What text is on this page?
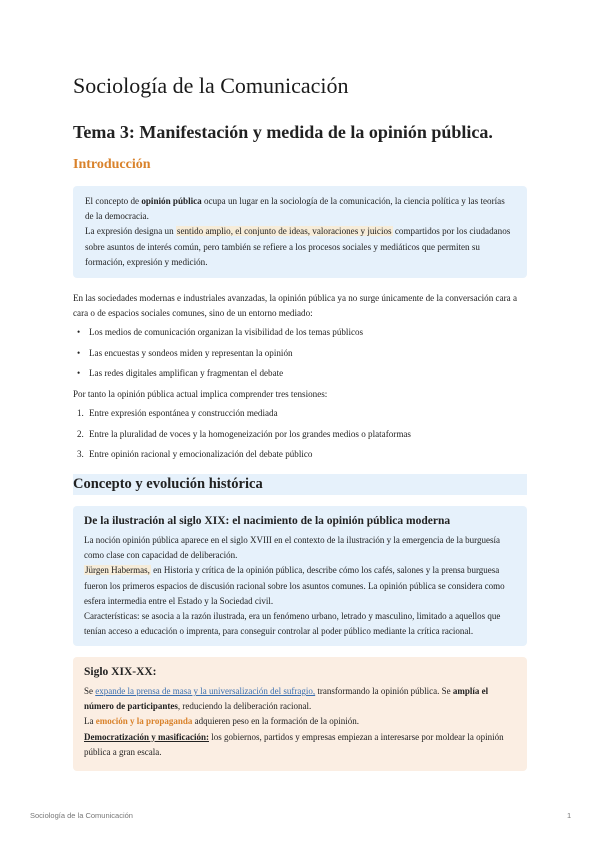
Sociología de la Comunicación
Tema 3: Manifestación y medida de la opinión pública.
Introducción

El concepto de opinión pública ocupa un lugar en la sociología de la comunicación, la ciencia política y las teorías de la democracia.

La expresión designa un sentido amplio, el conjunto de ideas, valoraciones y juicios compartidos por los ciudadanos sobre asuntos de interés común, pero también se refiere a los procesos sociales y mediáticos que permiten su formación, expresión y medición.

En las sociedades modernas e industriales avanzadas, la opinión pública ya no surge únicamente de la conversación cara a cara o de espacios sociales comunes, sino de un entorno mediado:

• Los medios de comunicación organizan la visibilidad de los temas públicos
• Las encuestas y sondeos miden y representan la opinión
• Las redes digitales amplifican y fragmentan el debate

Por tanto la opinión pública actual implica comprender tres tensiones:

1. Entre expresión espontánea y construcción mediada
2. Entre la pluralidad de voces y la homogeneización por los grandes medios o plataformas
3. Entre opinión racional y emocionalización del debate público
Concepto y evolución histórica
De la ilustración al siglo XIX: el nacimiento de la opinión pública moderna

La noción opinión pública aparece en el siglo XVIII en el contexto de la ilustración y la emergencia de la burguesía como clase con capacidad de deliberación.

Jürgen Habermas, en Historia y crítica de la opinión pública, describe cómo los cafés, salones y la prensa burguesa fueron los primeros espacios de discusión racional sobre los asuntos comunes. La opinión pública se considera como esfera intermedia entre el Estado y la Sociedad civil.

Características: se asocia a la razón ilustrada, era un fenómeno urbano, letrado y masculino, limitado a aquellos que tenían acceso a educación o imprenta, para conseguir controlar al poder público mediante la crítica racional.

Siglo XIX-XX:

Se expande la prensa de masa y la universalización del sufragio, transformando la opinión pública. Se amplía el número de participantes, reduciendo la deliberación racional.

La emoción y la propaganda adquieren peso en la formación de la opinión.

Democratización y masificación: los gobiernos, partidos y empresas empiezan a interesarse por moldear la opinión pública a gran escala.

Sociología de la Comunicación	1
